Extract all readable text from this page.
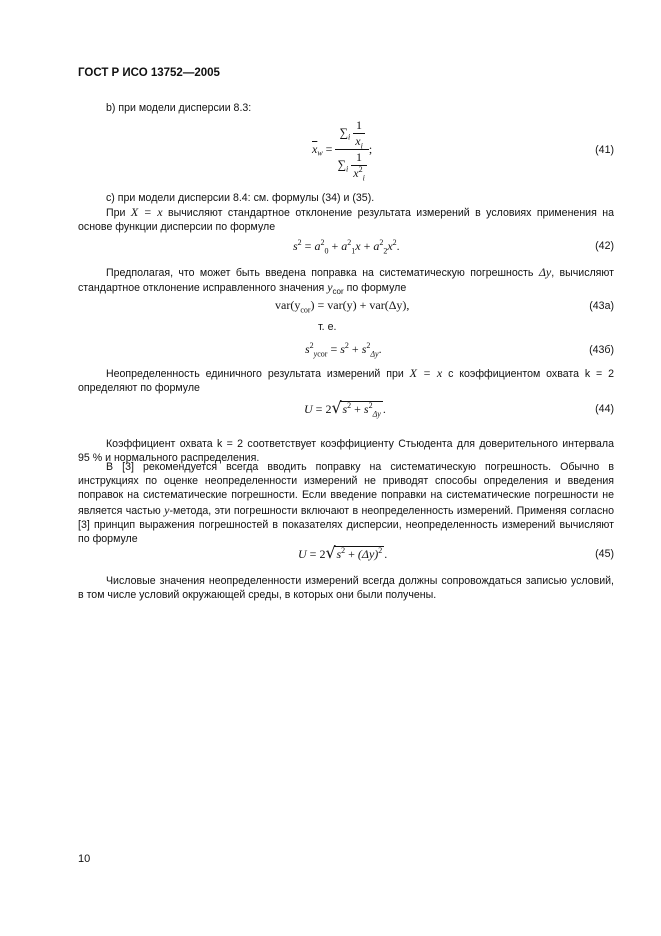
ГОСТ Р ИСО 13752—2005
b) при модели дисперсии 8.3:
$\overline{x}_w = \frac{\sum_i \frac{1}{x_i}}{\sum_i \frac{1}{x^2_i}}$ ;	(41)
c) при модели дисперсии 8.4: см. формулы (34) и (35).
При X = x вычисляют стандартное отклонение результата измерений в условиях применения на основе функции дисперсии по формуле
$s^2 = a^2_0 + a^2_1x + a^2_2x^2$.	(42)
Предполагая, что может быть введена поправка на систематическую погрешность Δy, вычисляют стандартное отклонение исправленного значения $y_{cor}$ по формуле
$var(y_{cor}) = var(y) + var(\Delta y)$,	(43а)
т. е.
$s^2_{ycor} = s^2 + s^2_{\Delta y}$.	(43б)
Неопределенность единичного результата измерений при X = x с коэффициентом охвата k = 2 определяют по формуле
U = 2 √ $s^2 + s^2_{\Delta y}$ .	(44)
Коэффициент охвата k = 2 соответствует коэффициенту Стьюдента для доверительного интервала 95 % и нормального распределения.
В [3] рекомендуется всегда вводить поправку на систематическую погрешность. Обычно в инструкциях по оценке неопределенности измерений не приводят способы определения и введения поправок на систематические погрешности. Если введение поправки на систематические погрешности не является частью y-метода, эти погрешности включают в неопределенность измерений. Применяя согласно [3] принцип выражения погрешностей в показателях дисперсии, неопределенность измерений вычисляют по формуле
U = 2 √ $s^2 + (\Delta y)^2$ .	(45)
Числовые значения неопределенности измерений всегда должны сопровождаться записью условий, в том числе условий окружающей среды, в которых они были получены.
10
